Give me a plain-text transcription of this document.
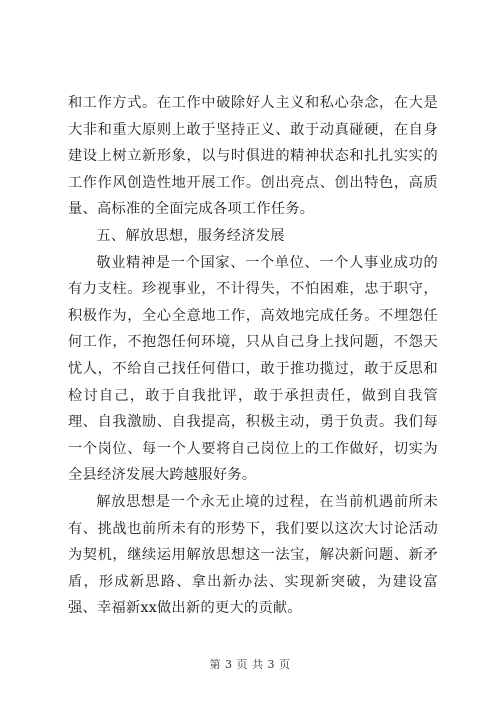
和工作方式。在工作中破除好人主义和私心杂念，在大是大非和重大原则上敢于坚持正义、敢于动真碰硬，在自身建设上树立新形象，以与时俱进的精神状态和扎扎实实的工作作风创造性地开展工作。创出亮点、创出特色，高质量、高标准的全面完成各项工作任务。

五、解放思想，服务经济发展

敬业精神是一个国家、一个单位、一个人事业成功的有力支柱。珍视事业，不计得失，不怕困难，忠于职守，积极作为，全心全意地工作，高效地完成任务。不埋怨任何工作，不抱怨任何环境，只从自己身上找问题，不怨天忧人，不给自己找任何借口，敢于推功揽过，敢于反思和检讨自己，敢于自我批评，敢于承担责任，做到自我管理、自我激励、自我提高，积极主动，勇于负责。我们每一个岗位、每一个人要将自己岗位上的工作做好，切实为全县经济发展大跨越服好务。

解放思想是一个永无止境的过程，在当前机遇前所未有、挑战也前所未有的形势下，我们要以这次大讨论活动为契机，继续运用解放思想这一法宝，解决新问题、新矛盾，形成新思路、拿出新办法、实现新突破，为建设富强、幸福新xx做出新的更大的贡献。

第 3 页 共 3 页
